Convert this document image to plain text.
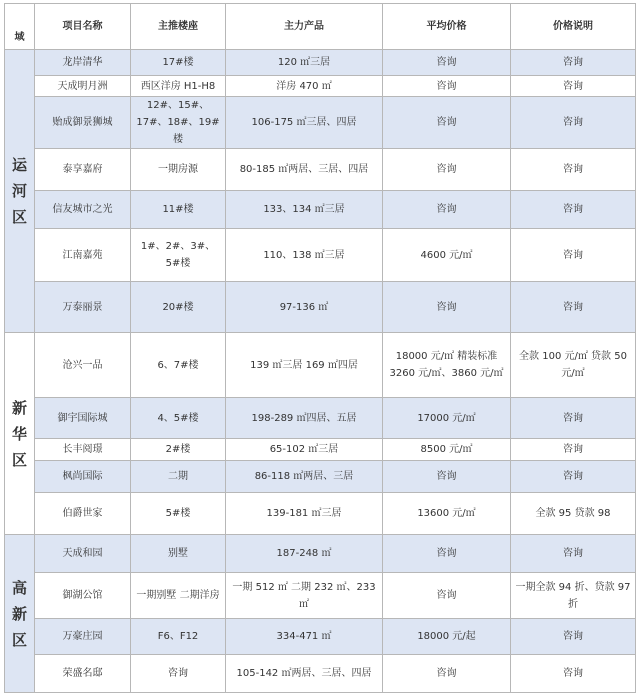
域	项目名称	主推楼座	主力产品	平均价格	价格说明
运河区	龙岸清华	17#楼	120 ㎡三居	咨询	咨询
	天成明月洲	西区洋房 H1-H8	洋房 470 ㎡	咨询	咨询
	贻成御景狮城	12#、15#、17#、18#、19#楼	106-175 ㎡三居、四居	咨询	咨询
	泰享嘉府	一期房源	80-185 ㎡两居、三居、四居	咨询	咨询
	信友城市之光	11#楼	133、134 ㎡三居	咨询	咨询
	江南嘉苑	1#、2#、3#、5#楼	110、138 ㎡三居	4600 元/㎡	咨询
	万泰丽景	20#楼	97-136 ㎡	咨询	咨询
新华区	沧兴一品	6、7#楼	139 ㎡三居 169 ㎡四居	18000 元/㎡ 精装标准 3260 元/㎡、3860 元/㎡	全款 100 元/㎡ 贷款 50 元/㎡
	御宇国际城	4、5#楼	198-289 ㎡四居、五居	17000 元/㎡	咨询
	长丰阅璟	2#楼	65-102 ㎡三居	8500 元/㎡	咨询
	枫尚国际	二期	86-118 ㎡两居、三居	咨询	咨询
	伯爵世家	5#楼	139-181 ㎡三居	13600 元/㎡	全款 95 贷款 98
高新区	天成和园	别墅	187-248 ㎡	咨询	咨询
	御湖公馆	一期别墅 二期洋房	一期 512 ㎡ 二期 232 ㎡、233 ㎡	咨询	一期全款 94 折、贷款 97 折
	万豪庄园	F6、F12	334-471 ㎡	18000 元/起	咨询
	荣盛名邸	咨询	105-142 ㎡两居、三居、四居	咨询	咨询
